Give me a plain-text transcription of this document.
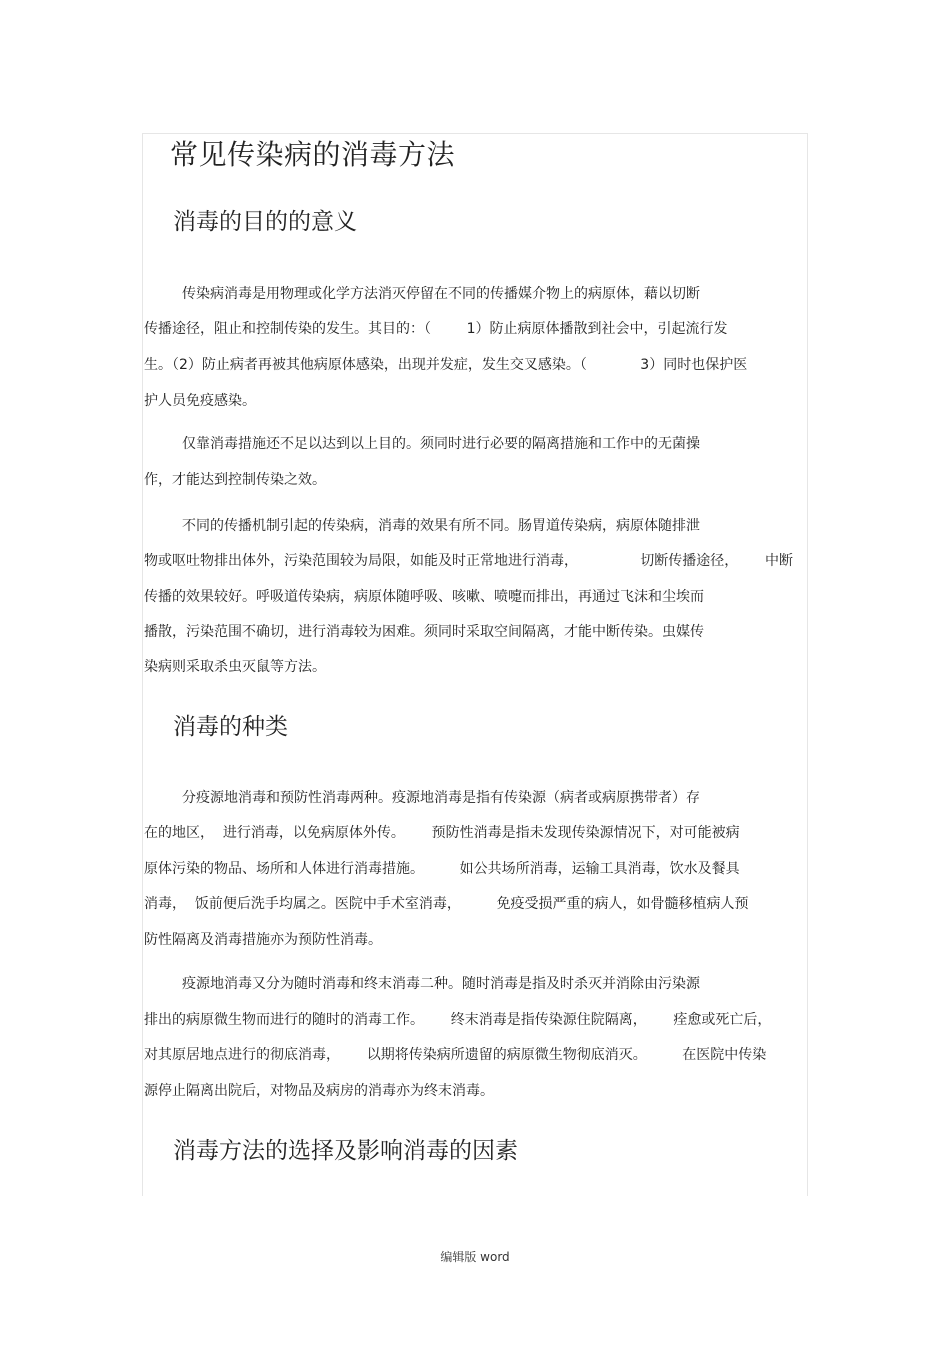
常见传染病的消毒方法
消毒的目的的意义

传染病消毒是用物理或化学方法消灭停留在不同的传播媒介物上的病原体，藉以切断

传播途径，阻止和控制传染的发生。其目的：（        1）防止病原体播散到社会中，引起流行发

生。（2）防止病者再被其他病原体感染，出现并发症，发生交叉感染。（            3）同时也保护医

护人员免疫感染。

仅靠消毒措施还不足以达到以上目的。须同时进行必要的隔离措施和工作中的无菌操

作，才能达到控制传染之效。

不同的传播机制引起的传染病，消毒的效果有所不同。肠胃道传染病，病原体随排泄

物或呕吐物排出体外，污染范围较为局限，如能及时正常地进行消毒，              切断传播途径，      中断

传播的效果较好。呼吸道传染病，病原体随呼吸、咳嗽、喷嚏而排出，再通过飞沫和尘埃而

播散，污染范围不确切，进行消毒较为困难。须同时采取空间隔离，才能中断传染。虫媒传

染病则采取杀虫灭鼠等方法。

消毒的种类

分疫源地消毒和预防性消毒两种。疫源地消毒是指有传染源（病者或病原携带者）存

在的地区，  进行消毒，以免病原体外传。      预防性消毒是指未发现传染源情况下，对可能被病

原体污染的物品、场所和人体进行消毒措施。        如公共场所消毒，运输工具消毒，饮水及餐具

消毒，  饭前便后洗手均属之。医院中手术室消毒，        免疫受损严重的病人，如骨髓移植病人预

防性隔离及消毒措施亦为预防性消毒。

疫源地消毒又分为随时消毒和终末消毒二种。随时消毒是指及时杀灭并消除由污染源

排出的病原微生物而进行的随时的消毒工作。      终末消毒是指传染源住院隔离，      痊愈或死亡后，

对其原居地点进行的彻底消毒，      以期将传染病所遗留的病原微生物彻底消灭。        在医院中传染

源停止隔离出院后，对物品及病房的消毒亦为终末消毒。

消毒方法的选择及影响消毒的因素
编辑版 word
